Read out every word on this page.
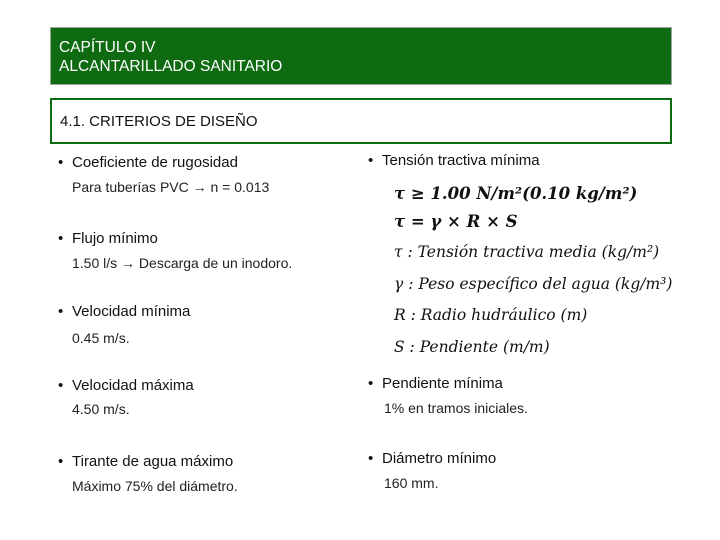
CAPÍTULO IV
ALCANTARILLADO SANITARIO
4.1. CRITERIOS DE DISEÑO
• Coeficiente de rugosidad
Para tuberías PVC → n = 0.013
• Flujo mínimo
1.50 l/s → Descarga de un inodoro.
• Velocidad mínima
0.45 m/s.
• Velocidad máxima
4.50 m/s.
• Tirante de agua máximo
Máximo 75% del diámetro.
• Tensión tractiva mínima
τ ≥ 1.00 N/m²(0.10 kg/m²)
τ = γ × R × S
τ : Tensión tractiva media (kg/m²)
γ : Peso específico del agua (kg/m³)
R : Radio hudráulico (m)
S : Pendiente (m/m)
• Pendiente mínima
1% en tramos iniciales.
• Diámetro mínimo
160 mm.
